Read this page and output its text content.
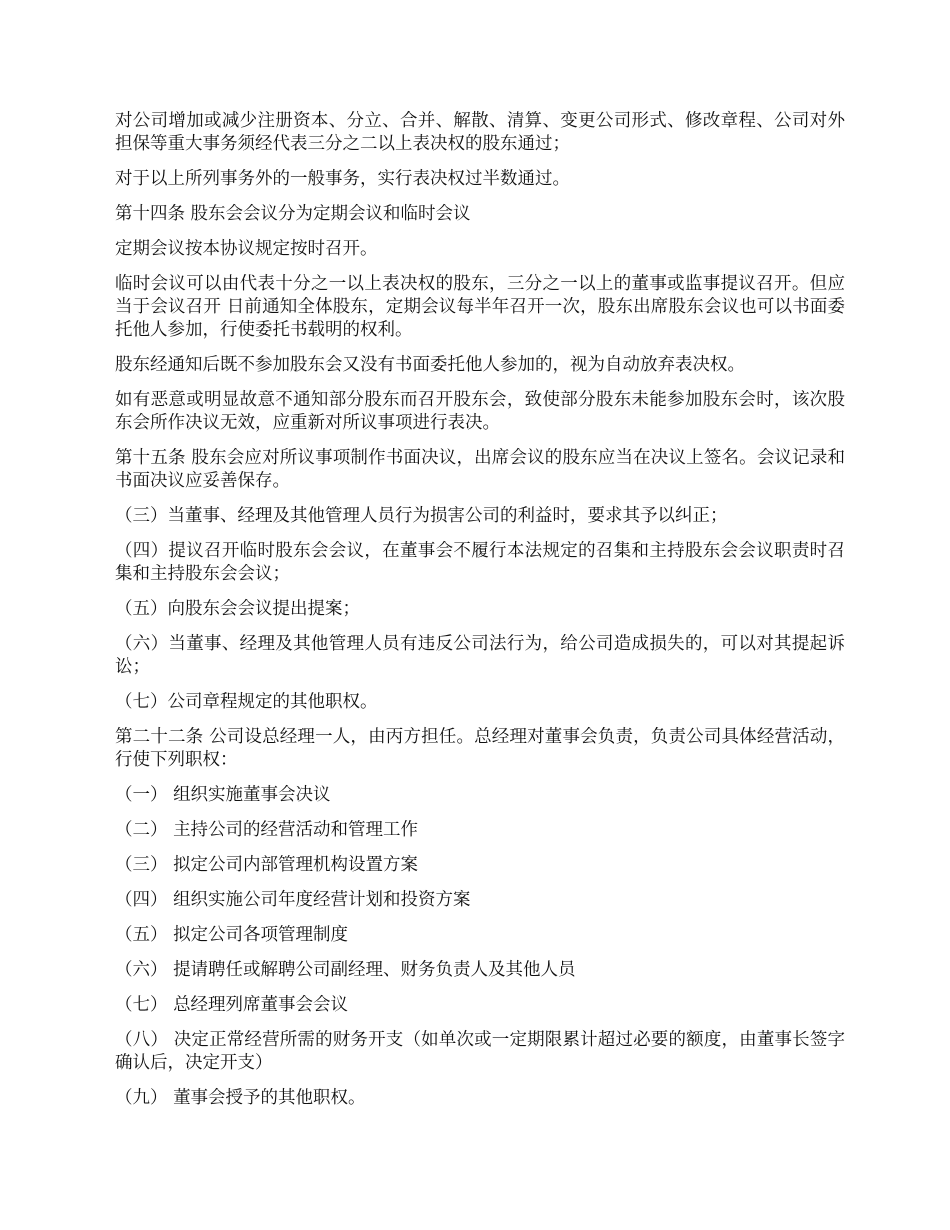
对公司增加或减少注册资本、分立、合并、解散、清算、变更公司形式、修改章程、公司对外担保等重大事务须经代表三分之二以上表决权的股东通过；

对于以上所列事务外的一般事务，实行表决权过半数通过。

第十四条 股东会会议分为定期会议和临时会议

定期会议按本协议规定按时召开。

临时会议可以由代表十分之一以上表决权的股东，三分之一以上的董事或监事提议召开。但应当于会议召开 日前通知全体股东，定期会议每半年召开一次，股东出席股东会议也可以书面委托他人参加，行使委托书载明的权利。

股东经通知后既不参加股东会又没有书面委托他人参加的，视为自动放弃表决权。

如有恶意或明显故意不通知部分股东而召开股东会，致使部分股东未能参加股东会时，该次股东会所作决议无效，应重新对所议事项进行表决。

第十五条 股东会应对所议事项制作书面决议，出席会议的股东应当在决议上签名。会议记录和书面决议应妥善保存。

（三）当董事、经理及其他管理人员行为损害公司的利益时，要求其予以纠正；

（四）提议召开临时股东会会议，在董事会不履行本法规定的召集和主持股东会会议职责时召集和主持股东会会议；

（五）向股东会会议提出提案；

（六）当董事、经理及其他管理人员有违反公司法行为，给公司造成损失的，可以对其提起诉讼；

（七）公司章程规定的其他职权。

第二十二条 公司设总经理一人，由丙方担任。总经理对董事会负责，负责公司具体经营活动，行使下列职权：

（一） 组织实施董事会决议

（二） 主持公司的经营活动和管理工作

（三） 拟定公司内部管理机构设置方案

（四） 组织实施公司年度经营计划和投资方案

（五） 拟定公司各项管理制度

（六） 提请聘任或解聘公司副经理、财务负责人及其他人员

（七） 总经理列席董事会会议

（八） 决定正常经营所需的财务开支（如单次或一定期限累计超过必要的额度，由董事长签字确认后，决定开支）

（九） 董事会授予的其他职权。
